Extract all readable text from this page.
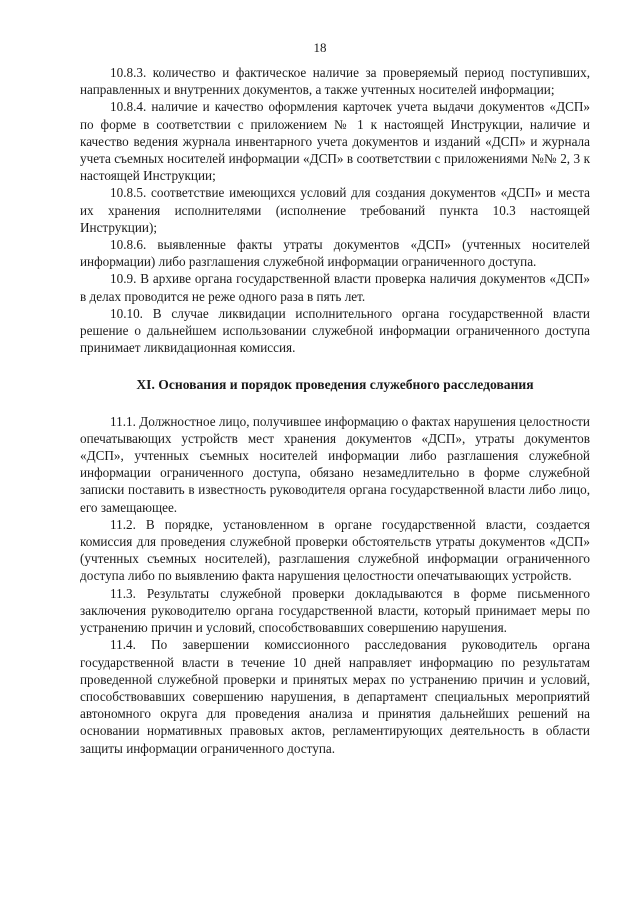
18

10.8.3. количество и фактическое наличие за проверяемый период поступивших, направленных и внутренних документов, а также учтенных носителей информации;

10.8.4. наличие и качество оформления карточек учета выдачи документов «ДСП» по форме в соответствии с приложением № 1 к настоящей Инструкции, наличие и качество ведения журнала инвентарного учета документов и изданий «ДСП» и журнала учета съемных носителей информации «ДСП» в соответствии с приложениями №№ 2, 3 к настоящей Инструкции;

10.8.5. соответствие имеющихся условий для создания документов «ДСП» и места их хранения исполнителями (исполнение требований пункта 10.3 настоящей Инструкции);

10.8.6. выявленные факты утраты документов «ДСП» (учтенных носителей информации) либо разглашения служебной информации ограниченного доступа.

10.9. В архиве органа государственной власти проверка наличия документов «ДСП» в делах проводится не реже одного раза в пять лет.

10.10. В случае ликвидации исполнительного органа государственной власти решение о дальнейшем использовании служебной информации ограниченного доступа принимает ликвидационная комиссия.

XI. Основания и порядок проведения служебного расследования

11.1. Должностное лицо, получившее информацию о фактах нарушения целостности опечатывающих устройств мест хранения документов «ДСП», утраты документов «ДСП», учтенных съемных носителей информации либо разглашения служебной информации ограниченного доступа, обязано незамедлительно в форме служебной записки поставить в известность руководителя органа государственной власти либо лицо, его замещающее.

11.2. В порядке, установленном в органе государственной власти, создается комиссия для проведения служебной проверки обстоятельств утраты документов «ДСП» (учтенных съемных носителей), разглашения служебной информации ограниченного доступа либо по выявлению факта нарушения целостности опечатывающих устройств.

11.3. Результаты служебной проверки докладываются в форме письменного заключения руководителю органа государственной власти, который принимает меры по устранению причин и условий, способствовавших совершению нарушения.

11.4. По завершении комиссионного расследования руководитель органа государственной власти в течение 10 дней направляет информацию по результатам проведенной служебной проверки и принятых мерах по устранению причин и условий, способствовавших совершению нарушения, в департамент специальных мероприятий автономного округа для проведения анализа и принятия дальнейших решений на основании нормативных правовых актов, регламентирующих деятельность в области защиты информации ограниченного доступа.
